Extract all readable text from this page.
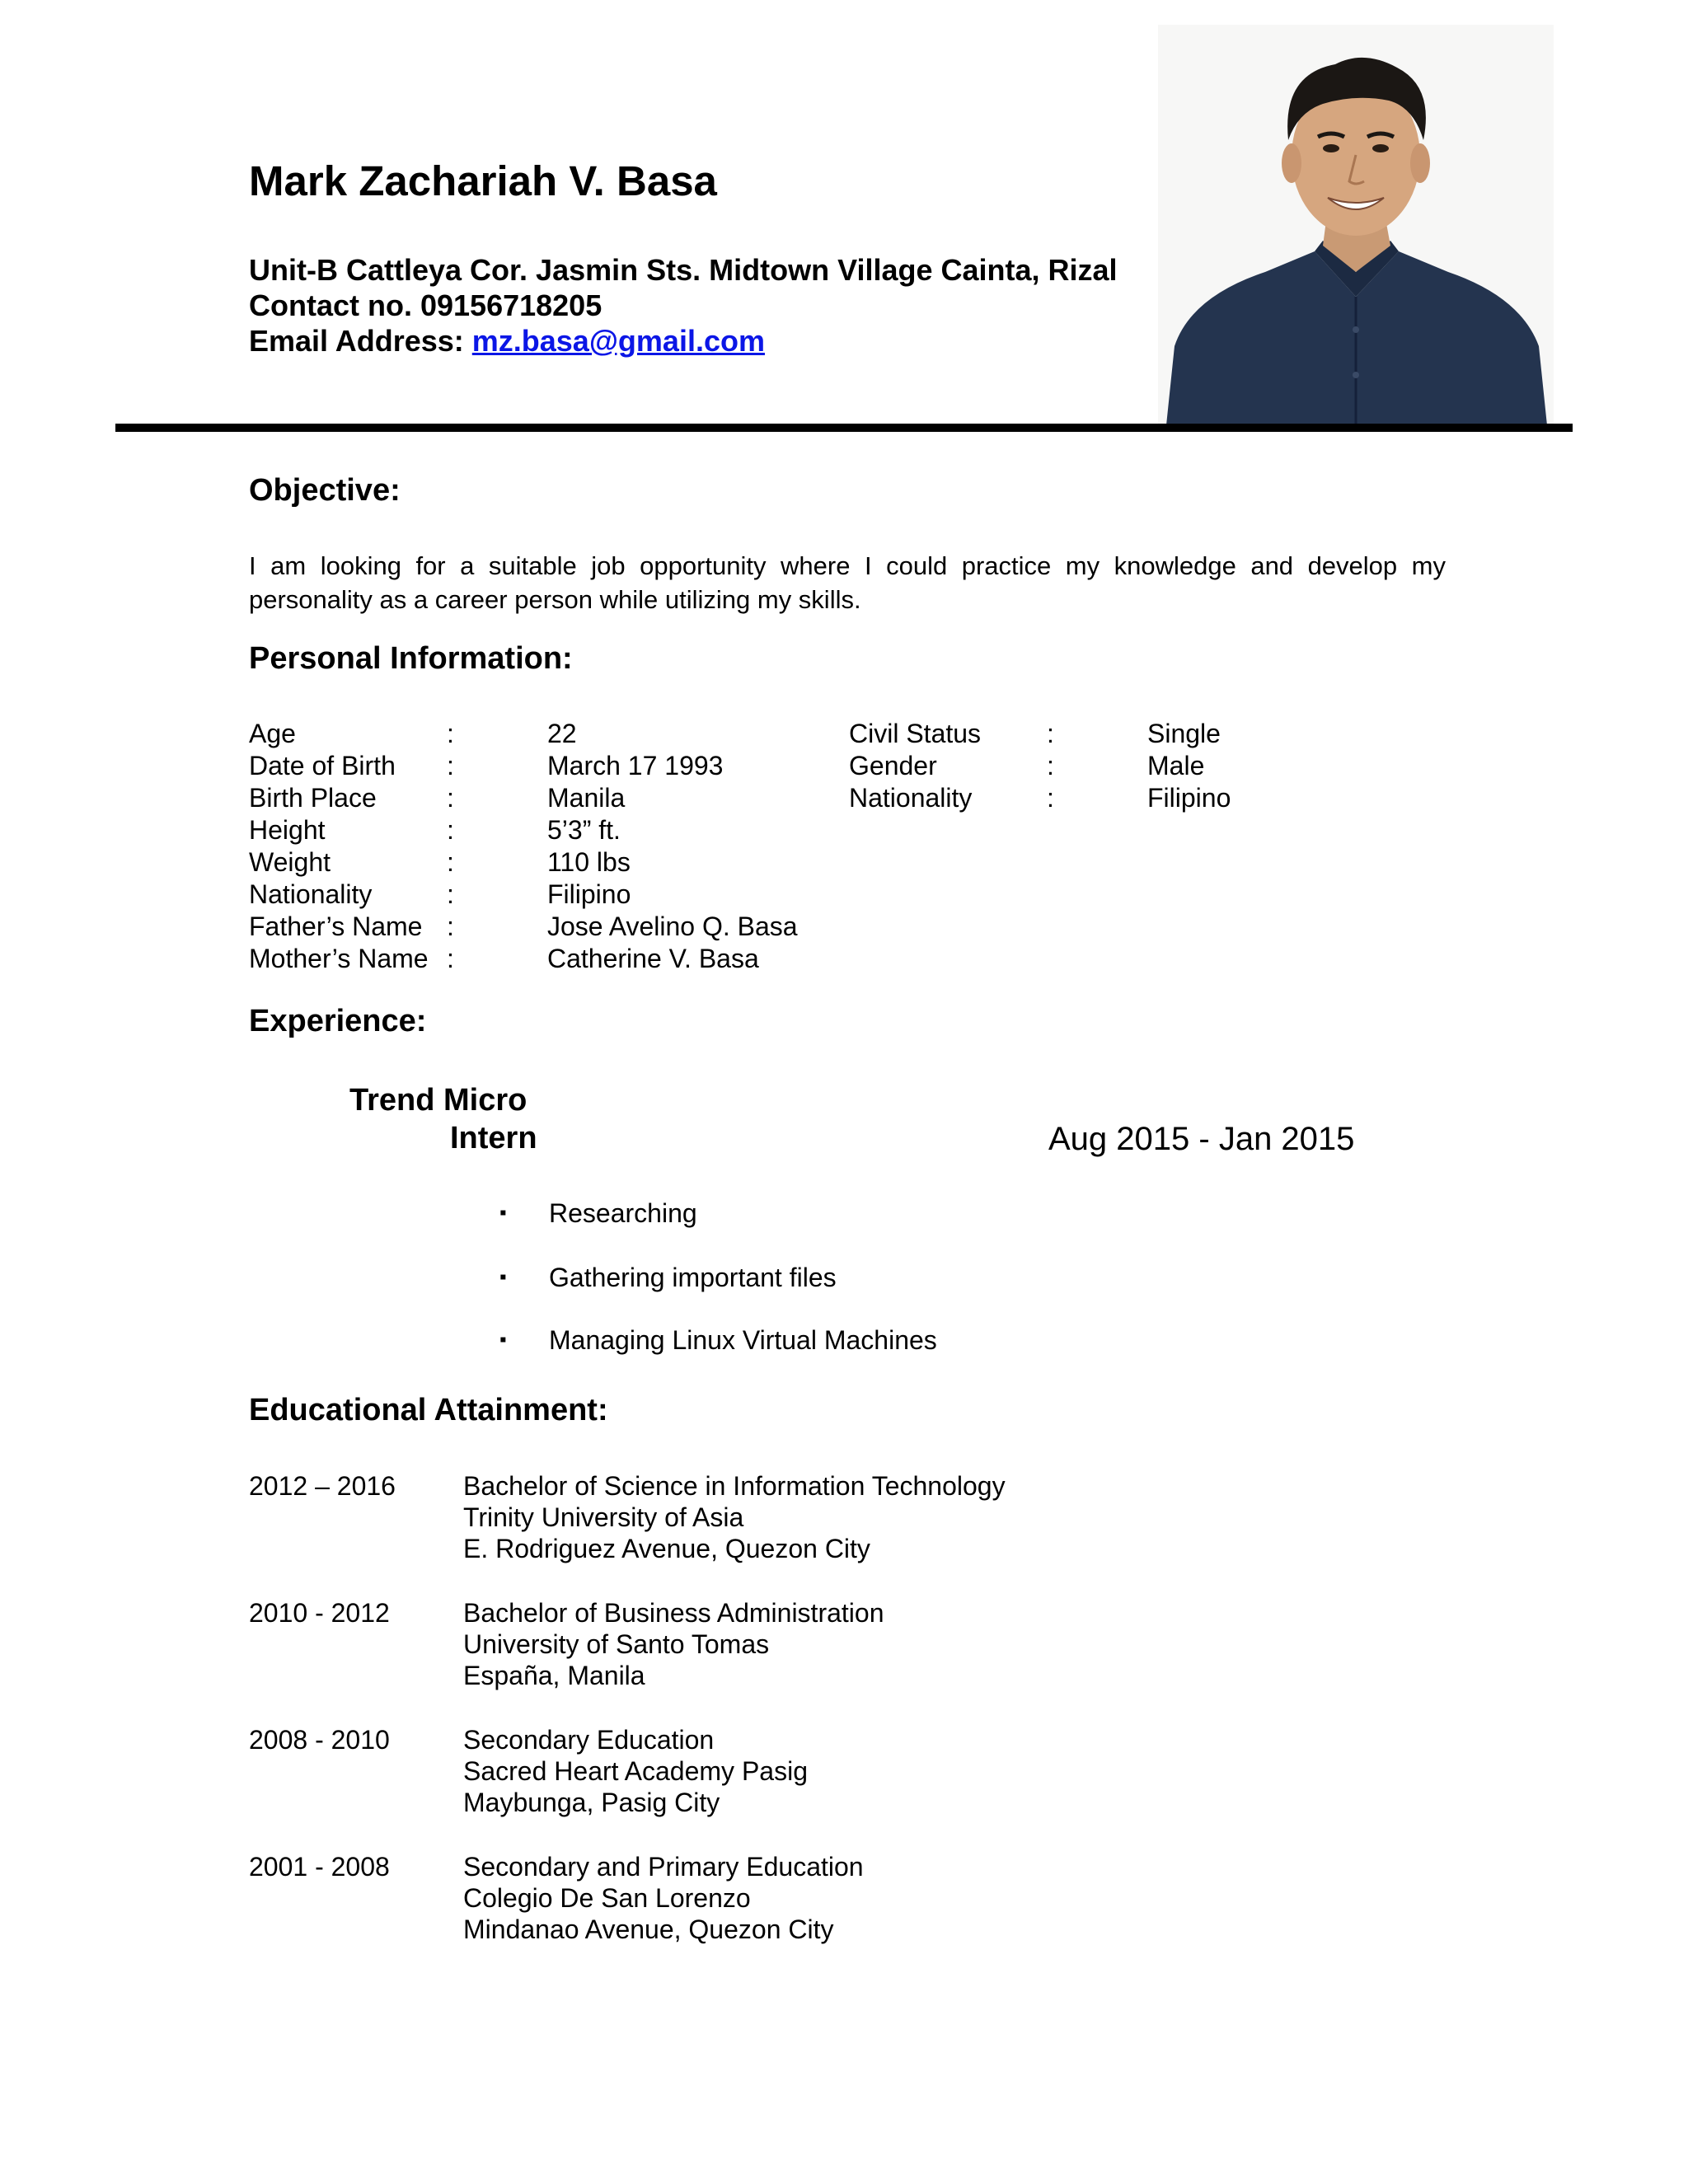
Mark Zachariah V. Basa
Unit-B Cattleya Cor. Jasmin Sts. Midtown Village Cainta, Rizal
Contact no. 09156718205
Email Address: mz.basa@gmail.com
Objective:
I am looking for a suitable job opportunity where I could practice my knowledge and develop my personality as a career person while utilizing my skills.
Personal Information:
Age	:	22	Civil Status :	Single
Date of Birth :	March 17 1993	Gender	:	Male
Birth Place	:	Manila	Nationality	:	Filipino
Height	:	5’3” ft.
Weight	:	110 lbs
Nationality	:	Filipino
Father’s Name :	Jose Avelino Q. Basa
Mother’s Name :	Catherine V. Basa
Experience:
Trend Micro
Intern	Aug 2015 - Jan 2015
▪ Researching
▪ Gathering important files
▪ Managing Linux Virtual Machines
Educational Attainment:
2012 – 2016	Bachelor of Science in Information Technology
Trinity University of Asia
E. Rodriguez Avenue, Quezon City
2010 - 2012	Bachelor of Business Administration
University of Santo Tomas
España, Manila
2008 - 2010	Secondary Education
Sacred Heart Academy Pasig
Maybunga, Pasig City
2001 - 2008	Secondary and Primary Education
Colegio De San Lorenzo
Mindanao Avenue, Quezon City
